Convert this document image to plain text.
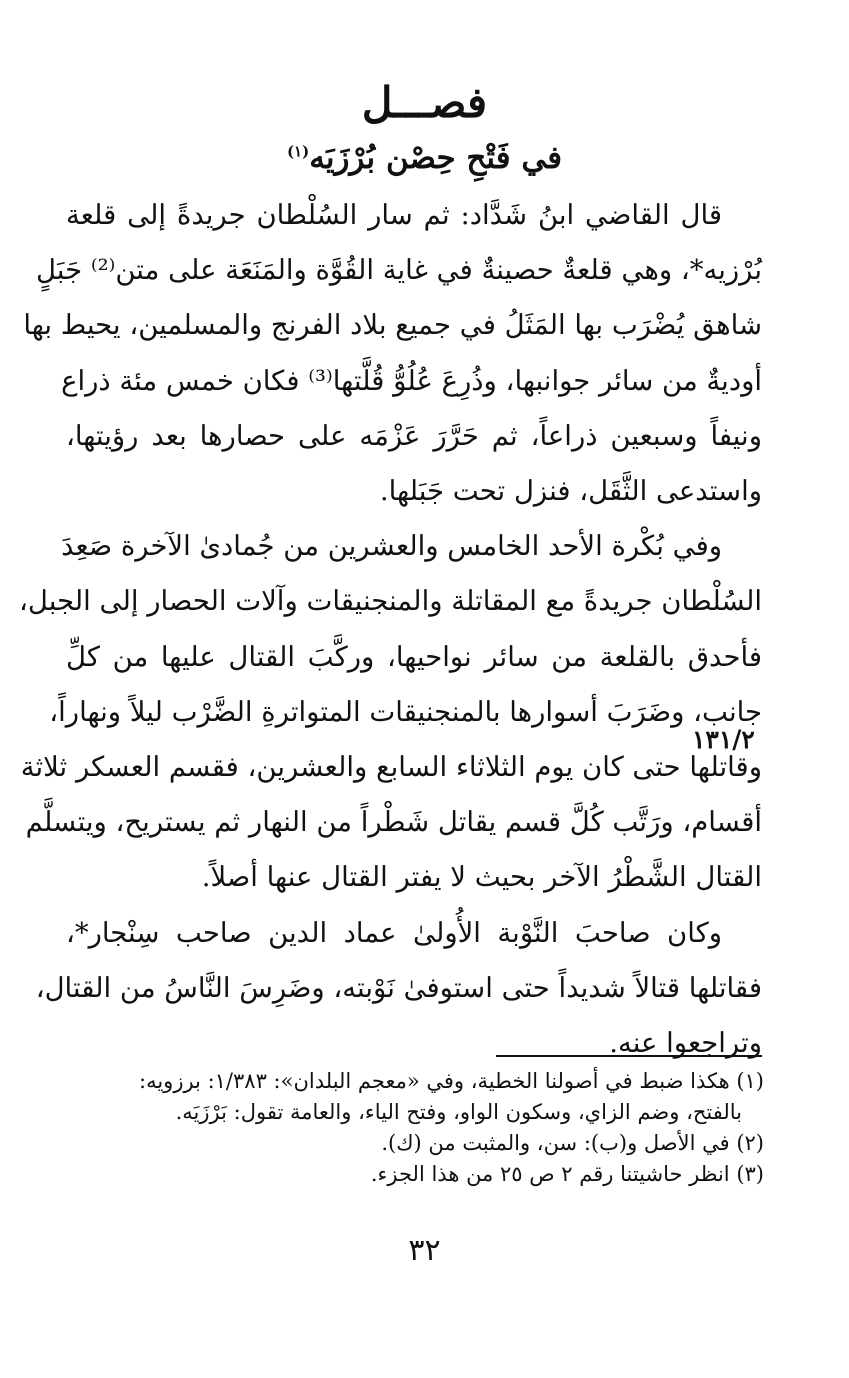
فصـــل
في فَتْحِ حِصْن بُرْزَيَه$^{(١)}$
١٣١/٢

قال القاضي ابنُ شَدَّاد: ثم سار السُلْطان جريدةً إلى قلعة
بُرْزيه*، وهي قلعةٌ حصينةٌ في غاية القُوَّة والمَنَعَة على متن⁽²⁾ جَبَلٍ
شاهق يُضْرَب بها المَثَلُ في جميع بلاد الفرنج والمسلمين، يحيط بها
أوديةٌ من سائر جوانبها، وذُرِعَ عُلُوُّ قُلَّتها⁽³⁾ فكان خمس مئة ذراع
ونيفاً وسبعين ذراعاً، ثم حَرَّرَ عَزْمَه على حصارها بعد رؤيتها،
واستدعى الثَّقَل، فنزل تحت جَبَلها.

وفي بُكْرة الأحد الخامس والعشرين من جُمادىٰ الآخرة صَعِدَ
السُلْطان جريدةً مع المقاتلة والمنجنيقات وآلات الحصار إلى الجبل،
فأحدق بالقلعة من سائر نواحيها، وركَّبَ القتال عليها من كلِّ
جانب، وضَرَبَ أسوارها بالمنجنيقات المتواترةِ الضَّرْب ليلاً ونهاراً،
وقاتلها حتى كان يوم الثلاثاء السابع والعشرين، فقسم العسكر ثلاثة
أقسام، ورَتَّب كُلَّ قسم يقاتل شَطْراً من النهار ثم يستريح، ويتسلَّم
القتال الشَّطْرُ الآخر بحيث لا يفتر القتال عنها أصلاً.

وكان صاحبَ النَّوْبة الأُولىٰ عماد الدين صاحب سِنْجار*،
فقاتلها قتالاً شديداً حتى استوفىٰ نَوْبته، وضَرِسَ النَّاسُ من القتال،
وتراجعوا عنه.

(١) هكذا ضبط في أصولنا الخطية، وفي «معجم البلدان»: ١/٣٨٣: برزويه:
بالفتح، وضم الزاي، وسكون الواو، وفتح الياء، والعامة تقول: بَرْزَيَه.
(٢) في الأصل و(ب): سن، والمثبت من (ك).
(٣) انظر حاشيتنا رقم ٢ ص ٢٥ من هذا الجزء.
٣٢
